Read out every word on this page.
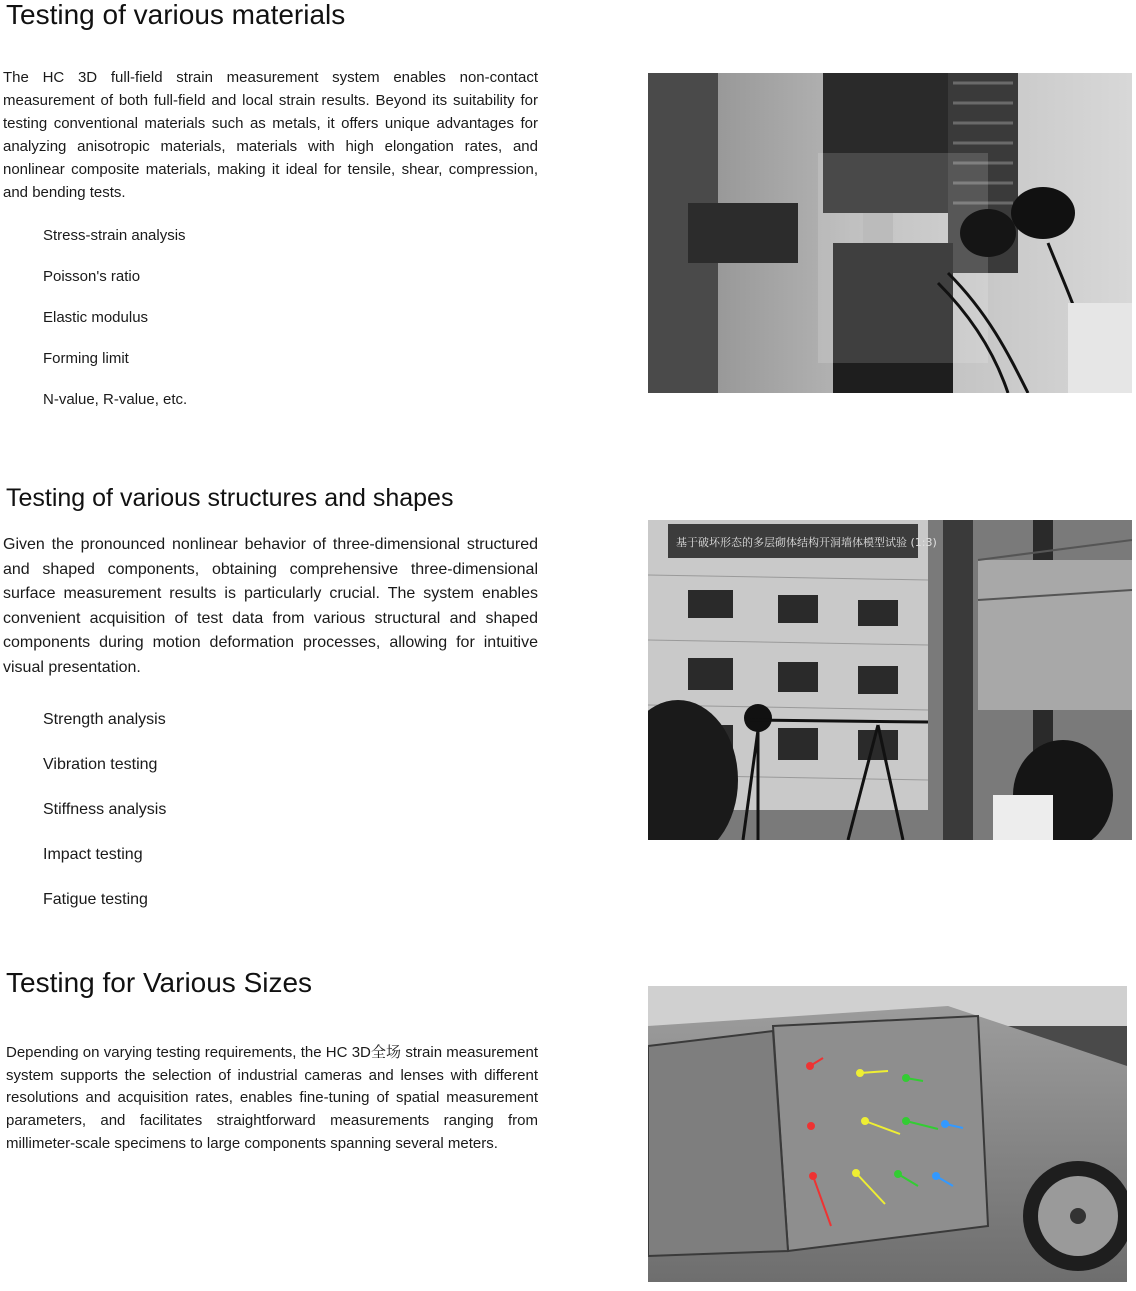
Testing of various materials

The HC 3D full-field strain measurement system enables non-contact measurement of both full-field and local strain results. Beyond its suitability for testing conventional materials such as metals, it offers unique advantages for analyzing anisotropic materials, materials with high elongation rates, and nonlinear composite materials, making it ideal for tensile, shear, compression, and bending tests.

Stress-strain analysis
Poisson's ratio
Elastic modulus
Forming limit
N-value, R-value, etc.
Testing of various structures and shapes

Given the pronounced nonlinear behavior of three-dimensional structured and shaped components, obtaining comprehensive three-dimensional surface measurement results is particularly crucial. The system enables convenient acquisition of test data from various structural and shaped components during motion deformation processes, allowing for intuitive visual presentation.

Strength analysis
Vibration testing
Stiffness analysis
Impact testing
Fatigue testing
基于破坏形态的多层砌体结构开洞墙体模型试验 (1:3)
Testing for Various Sizes

Depending on varying testing requirements, the HC 3D全场 strain measurement system supports the selection of industrial cameras and lenses with different resolutions and acquisition rates, enables fine-tuning of spatial measurement parameters, and facilitates straightforward measurements ranging from millimeter-scale specimens to large components spanning several meters.
